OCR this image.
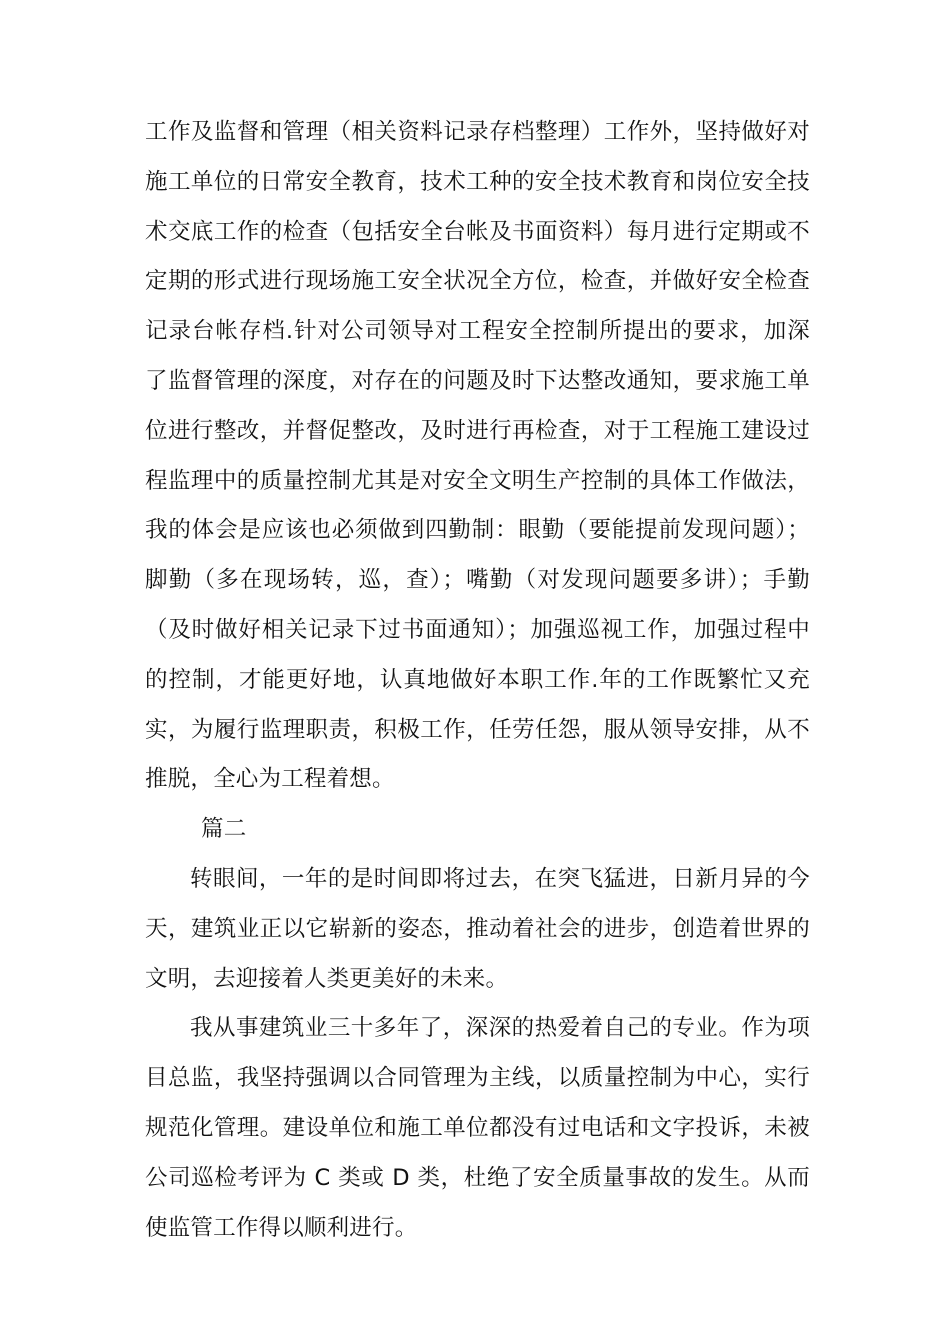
工作及监督和管理（相关资料记录存档整理）工作外，坚持做好对施工单位的日常安全教育，技术工种的安全技术教育和岗位安全技术交底工作的检查（包括安全台帐及书面资料）每月进行定期或不定期的形式进行现场施工安全状况全方位，检查，并做好安全检查记录台帐存档.针对公司领导对工程安全控制所提出的要求，加深了监督管理的深度，对存在的问题及时下达整改通知，要求施工单位进行整改，并督促整改，及时进行再检查，对于工程施工建设过程监理中的质量控制尤其是对安全文明生产控制的具体工作做法，我的体会是应该也必须做到四勤制：眼勤（要能提前发现问题）；脚勤（多在现场转，巡，查）；嘴勤（对发现问题要多讲）；手勤（及时做好相关记录下过书面通知）；加强巡视工作，加强过程中的控制，才能更好地，认真地做好本职工作.年的工作既繁忙又充实，为履行监理职责，积极工作，任劳任怨，服从领导安排，从不推脱，全心为工程着想。

篇二

转眼间，一年的是时间即将过去，在突飞猛进，日新月异的今天，建筑业正以它崭新的姿态，推动着社会的进步，创造着世界的文明，去迎接着人类更美好的未来。

我从事建筑业三十多年了，深深的热爱着自己的专业。作为项目总监，我坚持强调以合同管理为主线，以质量控制为中心，实行规范化管理。建设单位和施工单位都没有过电话和文字投诉，未被公司巡检考评为 C 类或 D 类，杜绝了安全质量事故的发生。从而使监管工作得以顺利进行。
